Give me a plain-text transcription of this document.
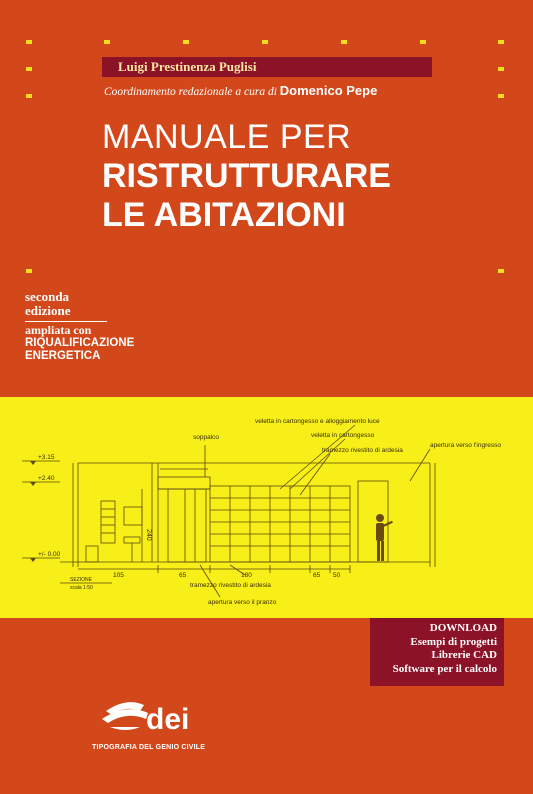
Luigi Prestinenza Puglisi
Coordinamento redazionale a cura di Domenico Pepe
MANUALE PER
RISTRUTTURARE
LE ABITAZIONI
seconda
edizione
ampliata con
RIQUALIFICAZIONE
ENERGETICA
+3.15
+2.40
+/- 0.00
veletta in cartongesso e alloggiamento luce
soppalco	veletta in cartongesso
apertura verso l'ingresso
tramezzo rivestito di ardesia
105	65	180	65 50
tramezzo rivestito di ardesia
apertura verso il pranzo
SEZIONE
scala 1:50
240
DOWNLOAD
Esempi di progetti
Librerie CAD
Software per il calcolo
dei
TIPOGRAFIA DEL GENIO CIVILE
